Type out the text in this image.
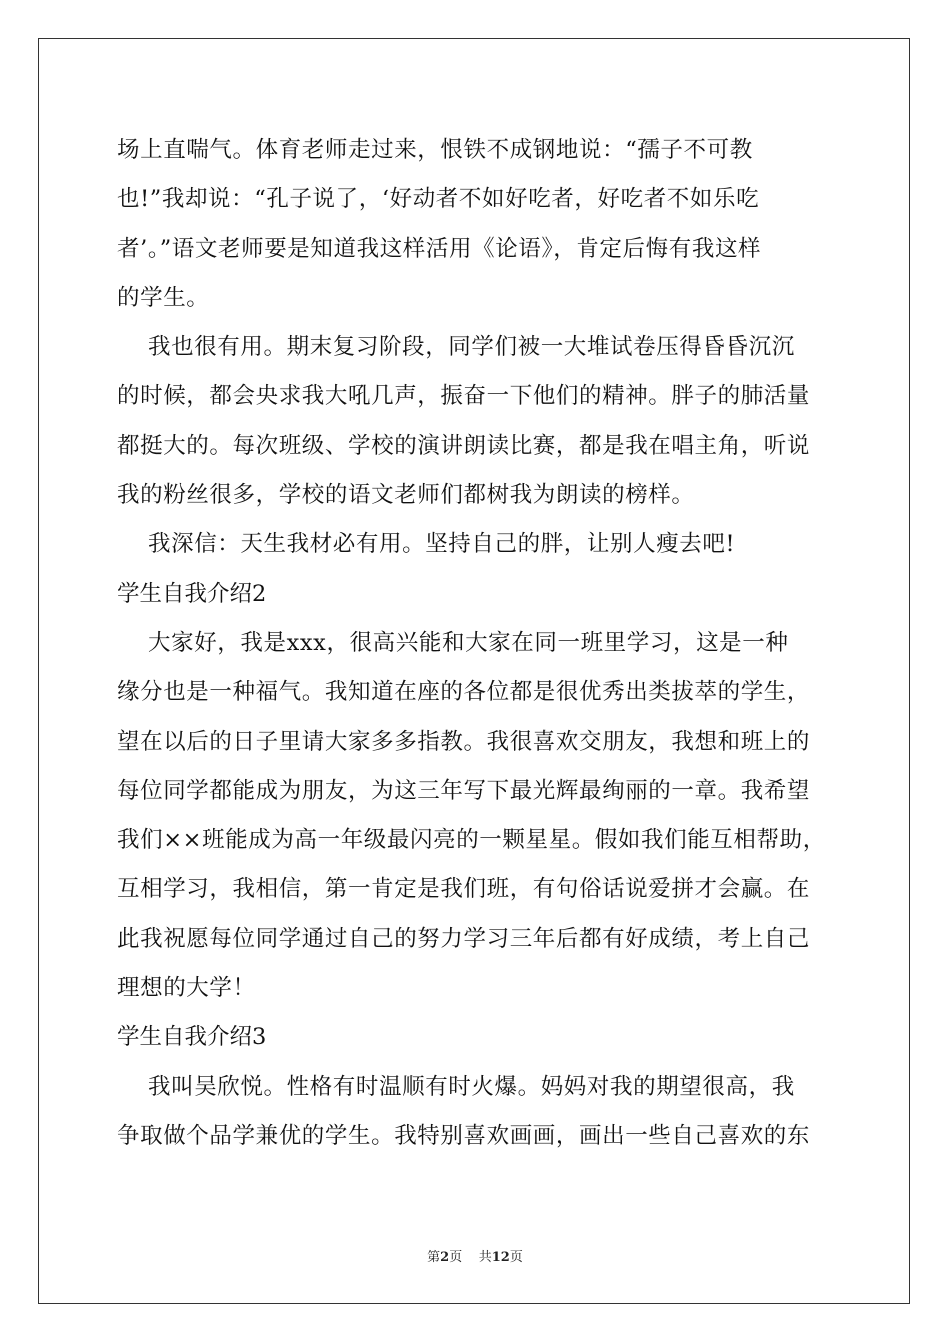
场上直喘气。体育老师走过来，恨铁不成钢地说：“孺子不可教
也!”我却说：“孔子说了，‘好动者不如好吃者，好吃者不如乐吃
者’。”语文老师要是知道我这样活用《论语》，肯定后悔有我这样
的学生。
我也很有用。期末复习阶段，同学们被一大堆试卷压得昏昏沉沉
的时候，都会央求我大吼几声，振奋一下他们的精神。胖子的肺活量
都挺大的。每次班级、学校的演讲朗读比赛，都是我在唱主角，听说
我的粉丝很多，学校的语文老师们都树我为朗读的榜样。
我深信：天生我材必有用。坚持自己的胖，让别人瘦去吧!
学生自我介绍2
大家好，我是xxx，很高兴能和大家在同一班里学习，这是一种
缘分也是一种福气。我知道在座的各位都是很优秀出类拔萃的学生，
望在以后的日子里请大家多多指教。我很喜欢交朋友，我想和班上的
每位同学都能成为朋友，为这三年写下最光辉最绚丽的一章。我希望
我们××班能成为高一年级最闪亮的一颗星星。假如我们能互相帮助，
互相学习，我相信，第一肯定是我们班，有句俗话说爱拼才会赢。在
此我祝愿每位同学通过自己的努力学习三年后都有好成绩，考上自己
理想的大学！
学生自我介绍3
我叫吴欣悦。性格有时温顺有时火爆。妈妈对我的期望很高，我
争取做个品学兼优的学生。我特别喜欢画画，画出一些自己喜欢的东
第2页 共12页
